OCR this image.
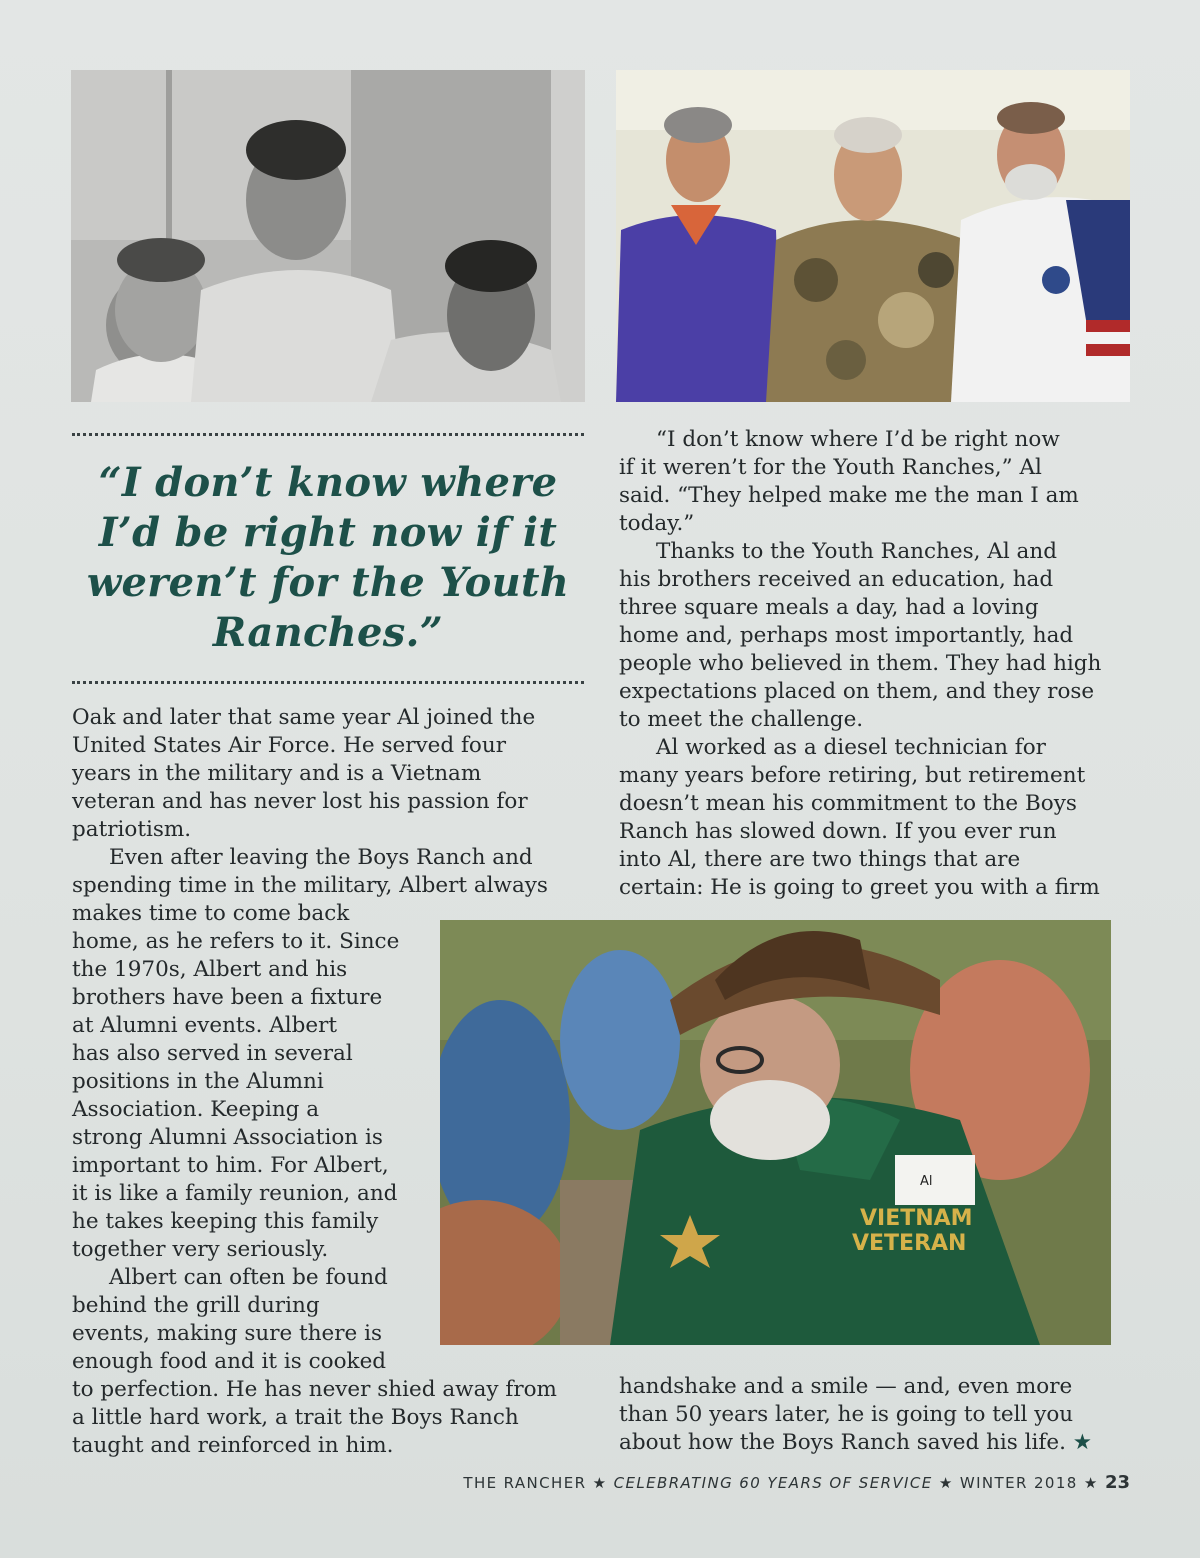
“I don’t know where
I’d be right now if it
weren’t for the Youth
Ranches.”

Oak and later that same year Al joined the
United States Air Force. He served four
years in the military and is a Vietnam
veteran and has never lost his passion for
patriotism.

Even after leaving the Boys Ranch and
spending time in the military, Albert always
makes time to come back
home, as he refers to it. Since
the 1970s, Albert and his
brothers have been a fixture
at Alumni events. Albert
has also served in several
positions in the Alumni
Association. Keeping a
strong Alumni Association is
important to him. For Albert,
it is like a family reunion, and
he takes keeping this family
together very seriously.

Albert can often be found
behind the grill during
events, making sure there is
enough food and it is cooked
to perfection. He has never shied away from
a little hard work, a trait the Boys Ranch
taught and reinforced in him.

“I don’t know where I’d be right now
if it weren’t for the Youth Ranches,” Al
said. “They helped make me the man I am
today.”

Thanks to the Youth Ranches, Al and
his brothers received an education, had
three square meals a day, had a loving
home and, perhaps most importantly, had
people who believed in them. They had high
expectations placed on them, and they rose
to meet the challenge.

Al worked as a diesel technician for
many years before retiring, but retirement
doesn’t mean his commitment to the Boys
Ranch has slowed down. If you ever run
into Al, there are two things that are
certain: He is going to greet you with a firm

Al
VIETNAM
VETERAN

handshake and a smile — and, even more
than 50 years later, he is going to tell you
about how the Boys Ranch saved his life. ★

THE RANCHER ★ CELEBRATING 60 YEARS OF SERVICE ★ WINTER 2018 ★ 23
